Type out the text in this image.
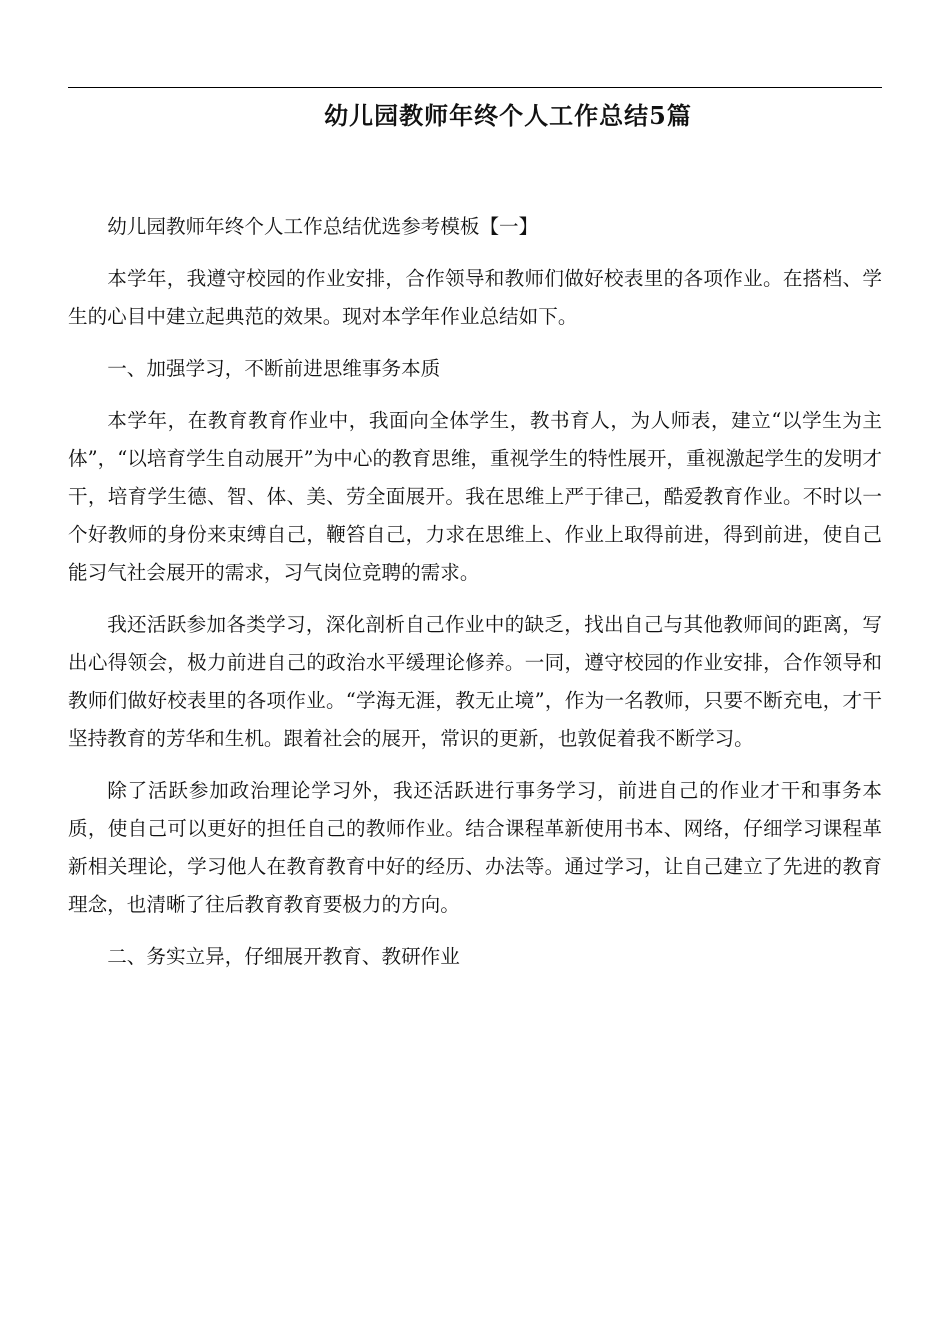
幼儿园教师年终个人工作总结5篇

幼儿园教师年终个人工作总结优选参考模板【一】

本学年，我遵守校园的作业安排，合作领导和教师们做好校表里的各项作业。在搭档、学生的心目中建立起典范的效果。现对本学年作业总结如下。

一、加强学习，不断前进思维事务本质

本学年，在教育教育作业中，我面向全体学生，教书育人，为人师表，建立“以学生为主体”，“以培育学生自动展开”为中心的教育思维，重视学生的特性展开，重视激起学生的发明才干，培育学生德、智、体、美、劳全面展开。我在思维上严于律己，酷爱教育作业。不时以一个好教师的身份来束缚自己，鞭笞自己，力求在思维上、作业上取得前进，得到前进，使自己能习气社会展开的需求，习气岗位竞聘的需求。

我还活跃参加各类学习，深化剖析自己作业中的缺乏，找出自己与其他教师间的距离，写出心得领会，极力前进自己的政治水平缓理论修养。一同，遵守校园的作业安排，合作领导和教师们做好校表里的各项作业。“学海无涯，教无止境”，作为一名教师，只要不断充电，才干坚持教育的芳华和生机。跟着社会的展开，常识的更新，也敦促着我不断学习。

除了活跃参加政治理论学习外，我还活跃进行事务学习，前进自己的作业才干和事务本质，使自己可以更好的担任自己的教师作业。结合课程革新使用书本、网络，仔细学习课程革新相关理论，学习他人在教育教育中好的经历、办法等。通过学习，让自己建立了先进的教育理念，也清晰了往后教育教育要极力的方向。

二、务实立异，仔细展开教育、教研作业
